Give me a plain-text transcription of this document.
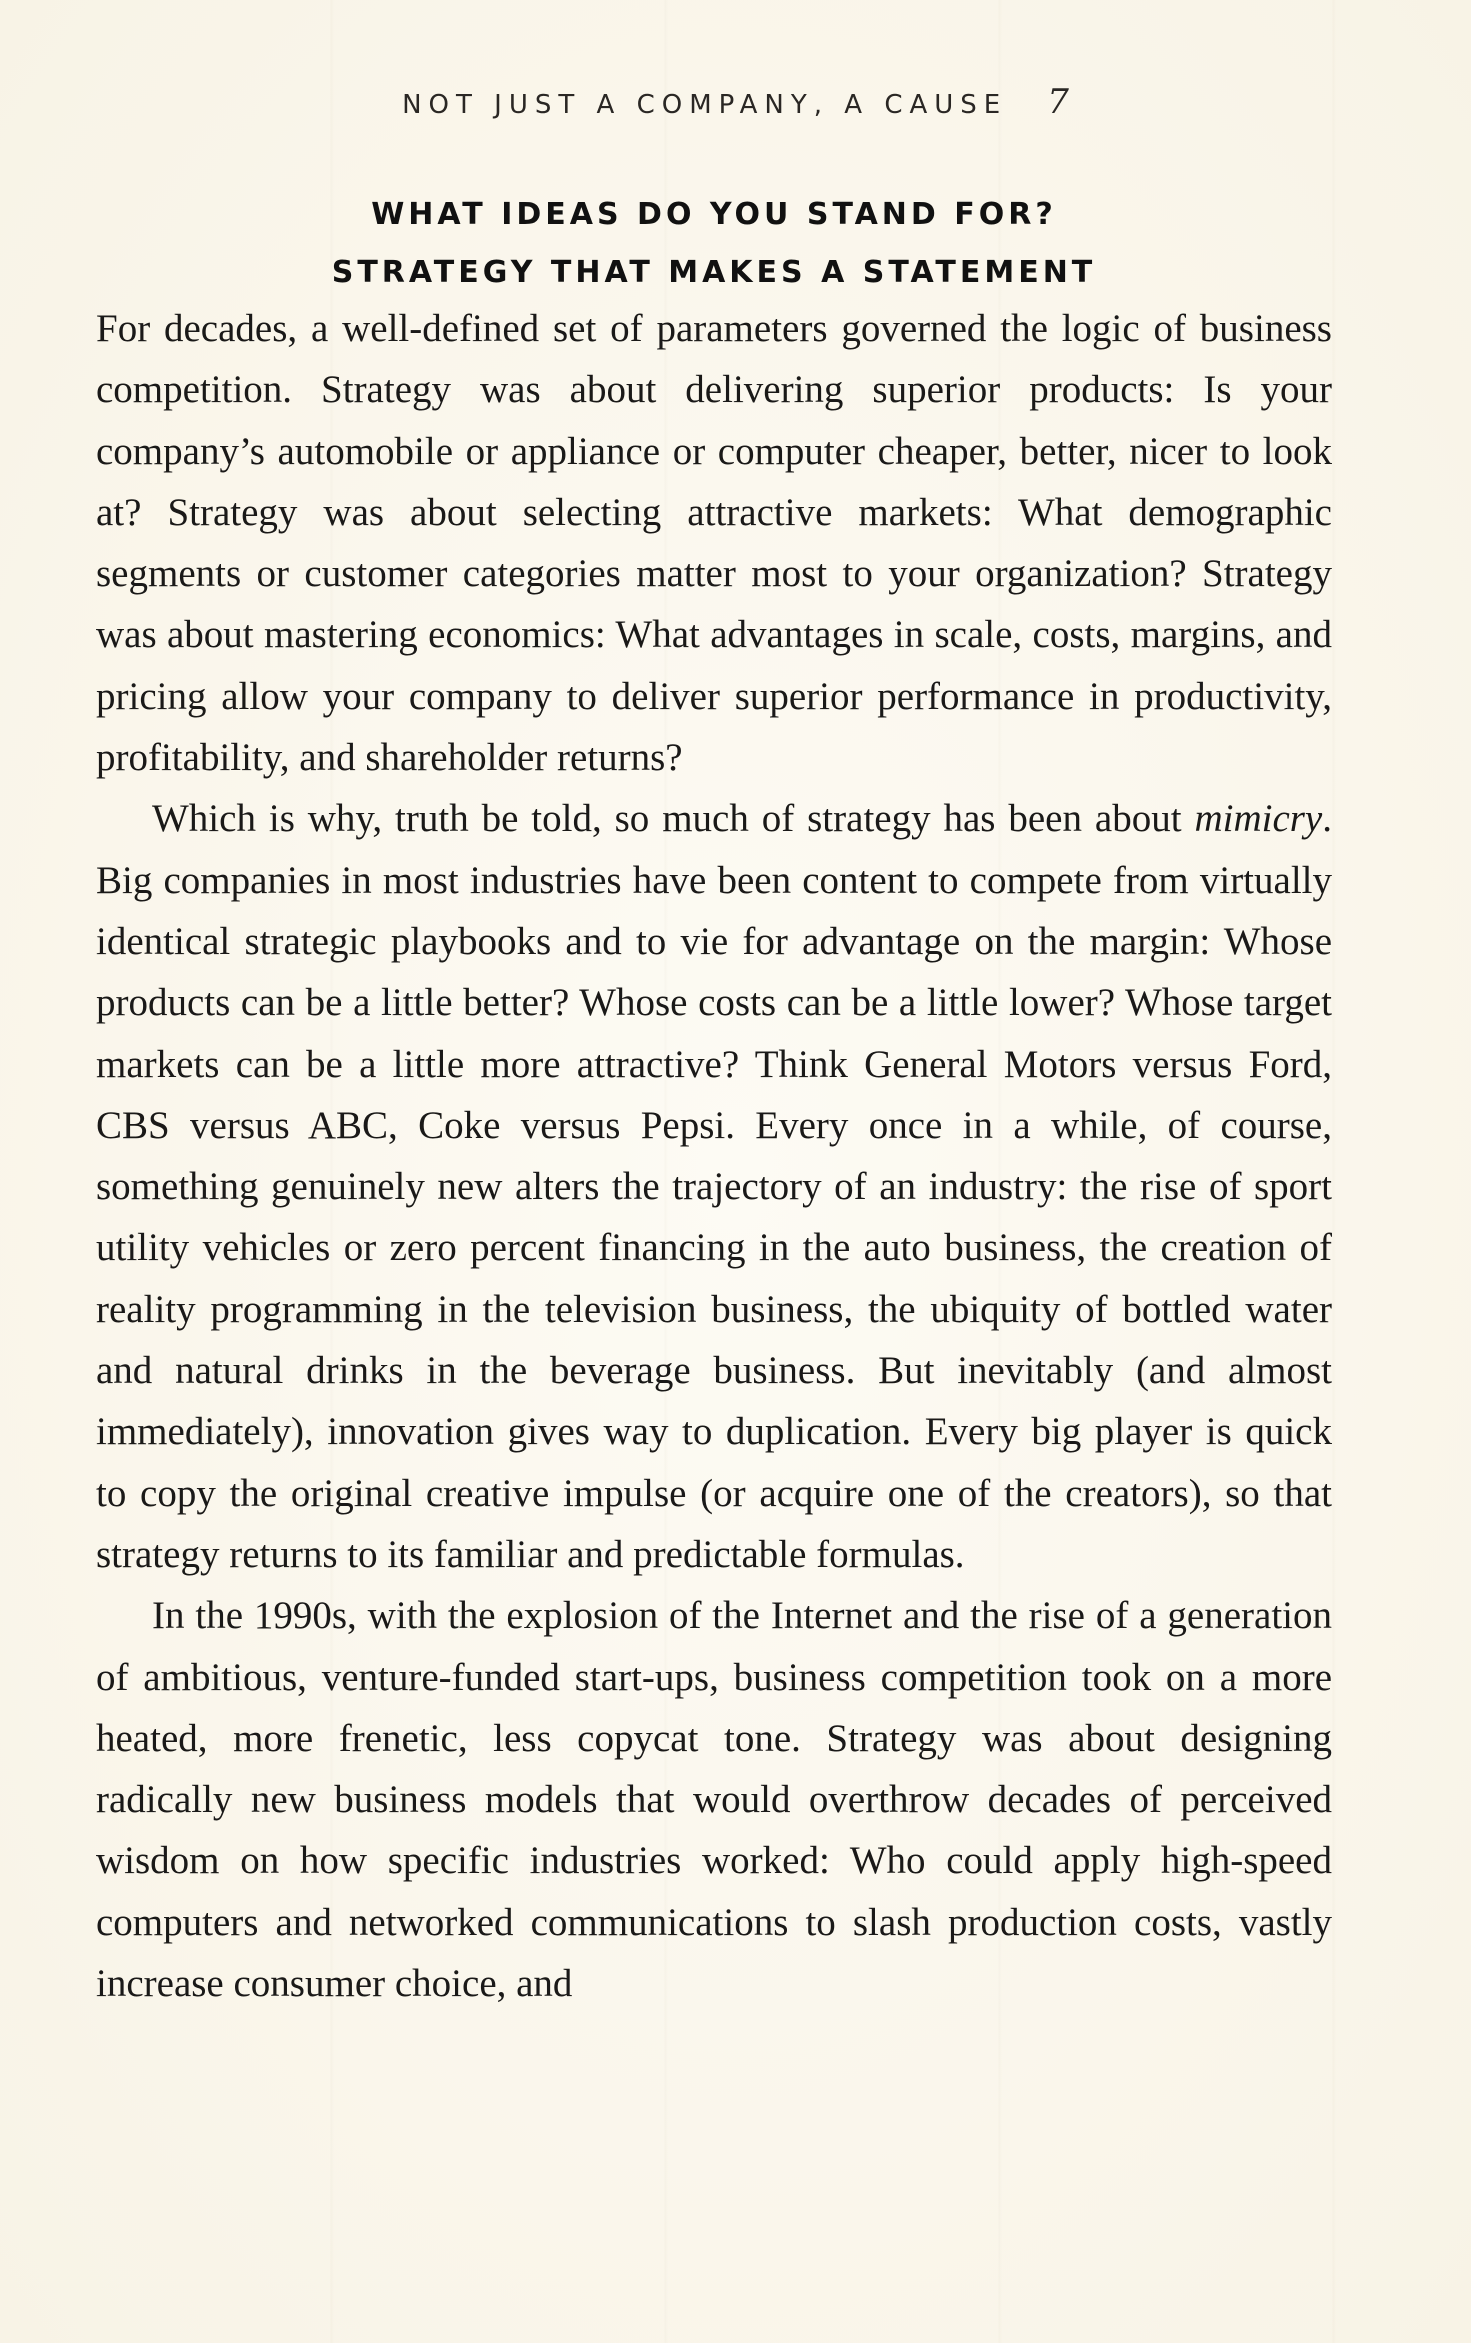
NOT JUST A COMPANY, A CAUSE 7
WHAT IDEAS DO YOU STAND FOR?
STRATEGY THAT MAKES A STATEMENT

For decades, a well-defined set of parameters governed the logic of business competition. Strategy was about delivering superior products: Is your company’s automobile or appliance or computer cheaper, better, nicer to look at? Strategy was about selecting attractive markets: What demographic segments or customer categories matter most to your organization? Strategy was about mastering economics: What advantages in scale, costs, margins, and pricing allow your company to deliver superior performance in productivity, profitability, and shareholder returns?

Which is why, truth be told, so much of strategy has been about mimicry. Big companies in most industries have been content to compete from virtually identical strategic playbooks and to vie for advantage on the margin: Whose products can be a little better? Whose costs can be a little lower? Whose target markets can be a little more attractive? Think General Motors versus Ford, CBS versus ABC, Coke versus Pepsi. Every once in a while, of course, something genuinely new alters the trajectory of an industry: the rise of sport utility vehicles or zero percent financing in the auto business, the creation of reality programming in the television business, the ubiquity of bottled water and natural drinks in the beverage business. But inevitably (and almost immediately), innovation gives way to duplication. Every big player is quick to copy the original creative impulse (or acquire one of the creators), so that strategy returns to its familiar and predictable formulas.

In the 1990s, with the explosion of the Internet and the rise of a generation of ambitious, venture-funded start-ups, business competition took on a more heated, more frenetic, less copycat tone. Strategy was about designing radically new business models that would overthrow decades of perceived wisdom on how specific industries worked: Who could apply high-speed computers and networked communications to slash production costs, vastly increase consumer choice, and
